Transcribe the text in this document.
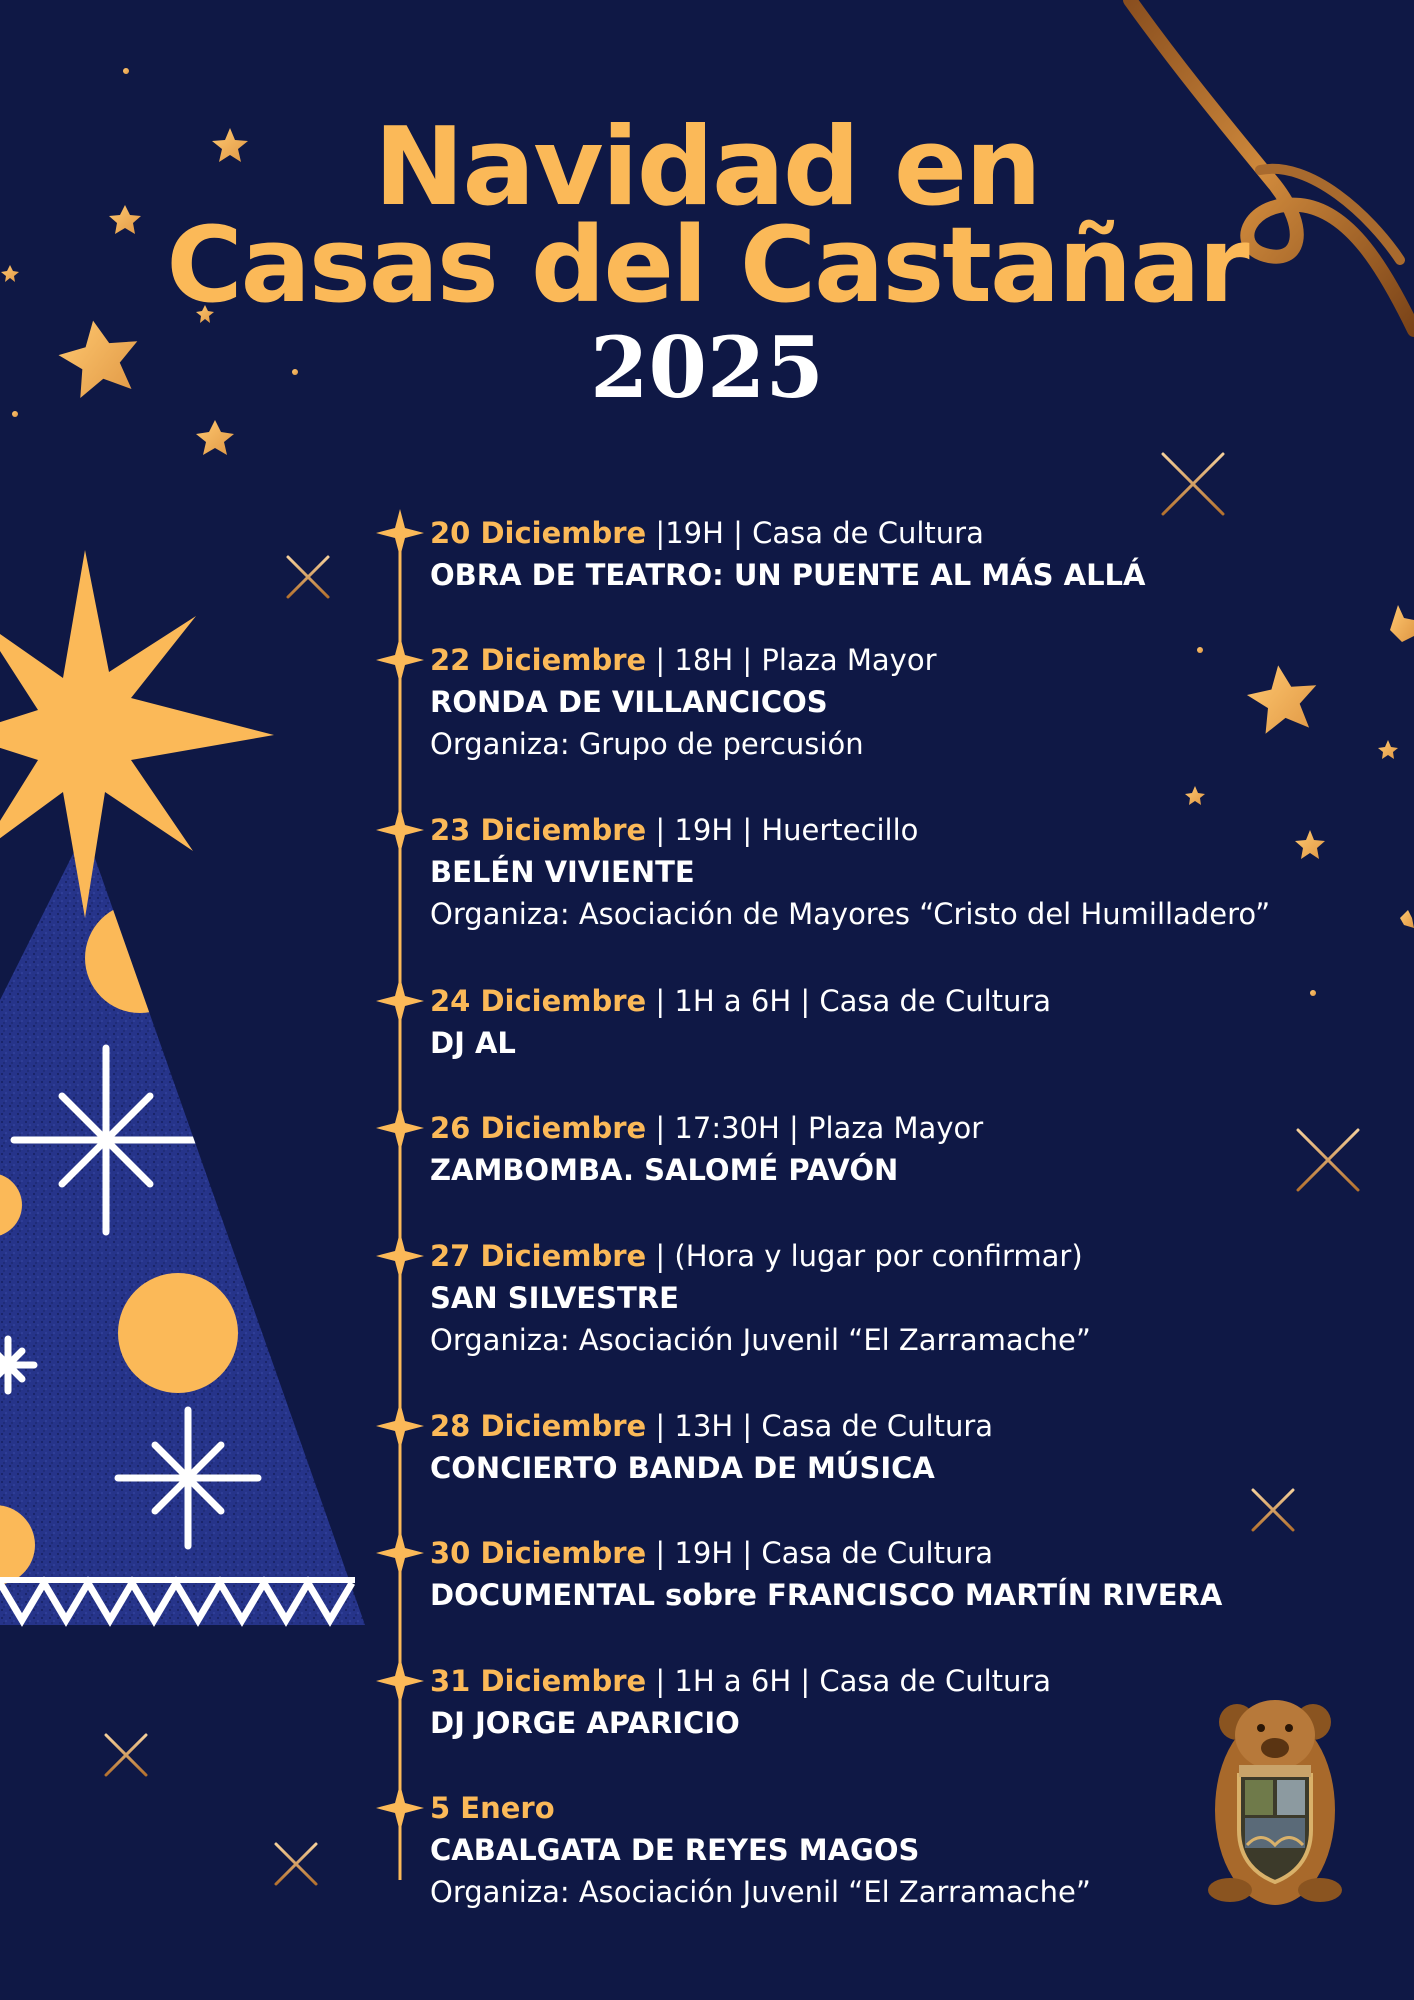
Navidad en
Casas del Castañar
2025
20 Diciembre |19H | Casa de Cultura
OBRA DE TEATRO: UN PUENTE AL MÁS ALLÁ
22 Diciembre | 18H | Plaza Mayor
RONDA DE VILLANCICOS
Organiza: Grupo de percusión
23 Diciembre | 19H | Huertecillo
BELÉN VIVIENTE
Organiza: Asociación de Mayores “Cristo del Humilladero”
24 Diciembre | 1H a 6H | Casa de Cultura
DJ AL
26 Diciembre | 17:30H | Plaza Mayor
ZAMBOMBA. SALOMÉ PAVÓN
27 Diciembre | (Hora y lugar por confirmar)
SAN SILVESTRE
Organiza: Asociación Juvenil “El Zarramache”
28 Diciembre | 13H | Casa de Cultura
CONCIERTO BANDA DE MÚSICA
30 Diciembre | 19H | Casa de Cultura
DOCUMENTAL sobre FRANCISCO MARTÍN RIVERA
31 Diciembre | 1H a 6H | Casa de Cultura
DJ JORGE APARICIO
5 Enero
CABALGATA DE REYES MAGOS
Organiza: Asociación Juvenil “El Zarramache”
